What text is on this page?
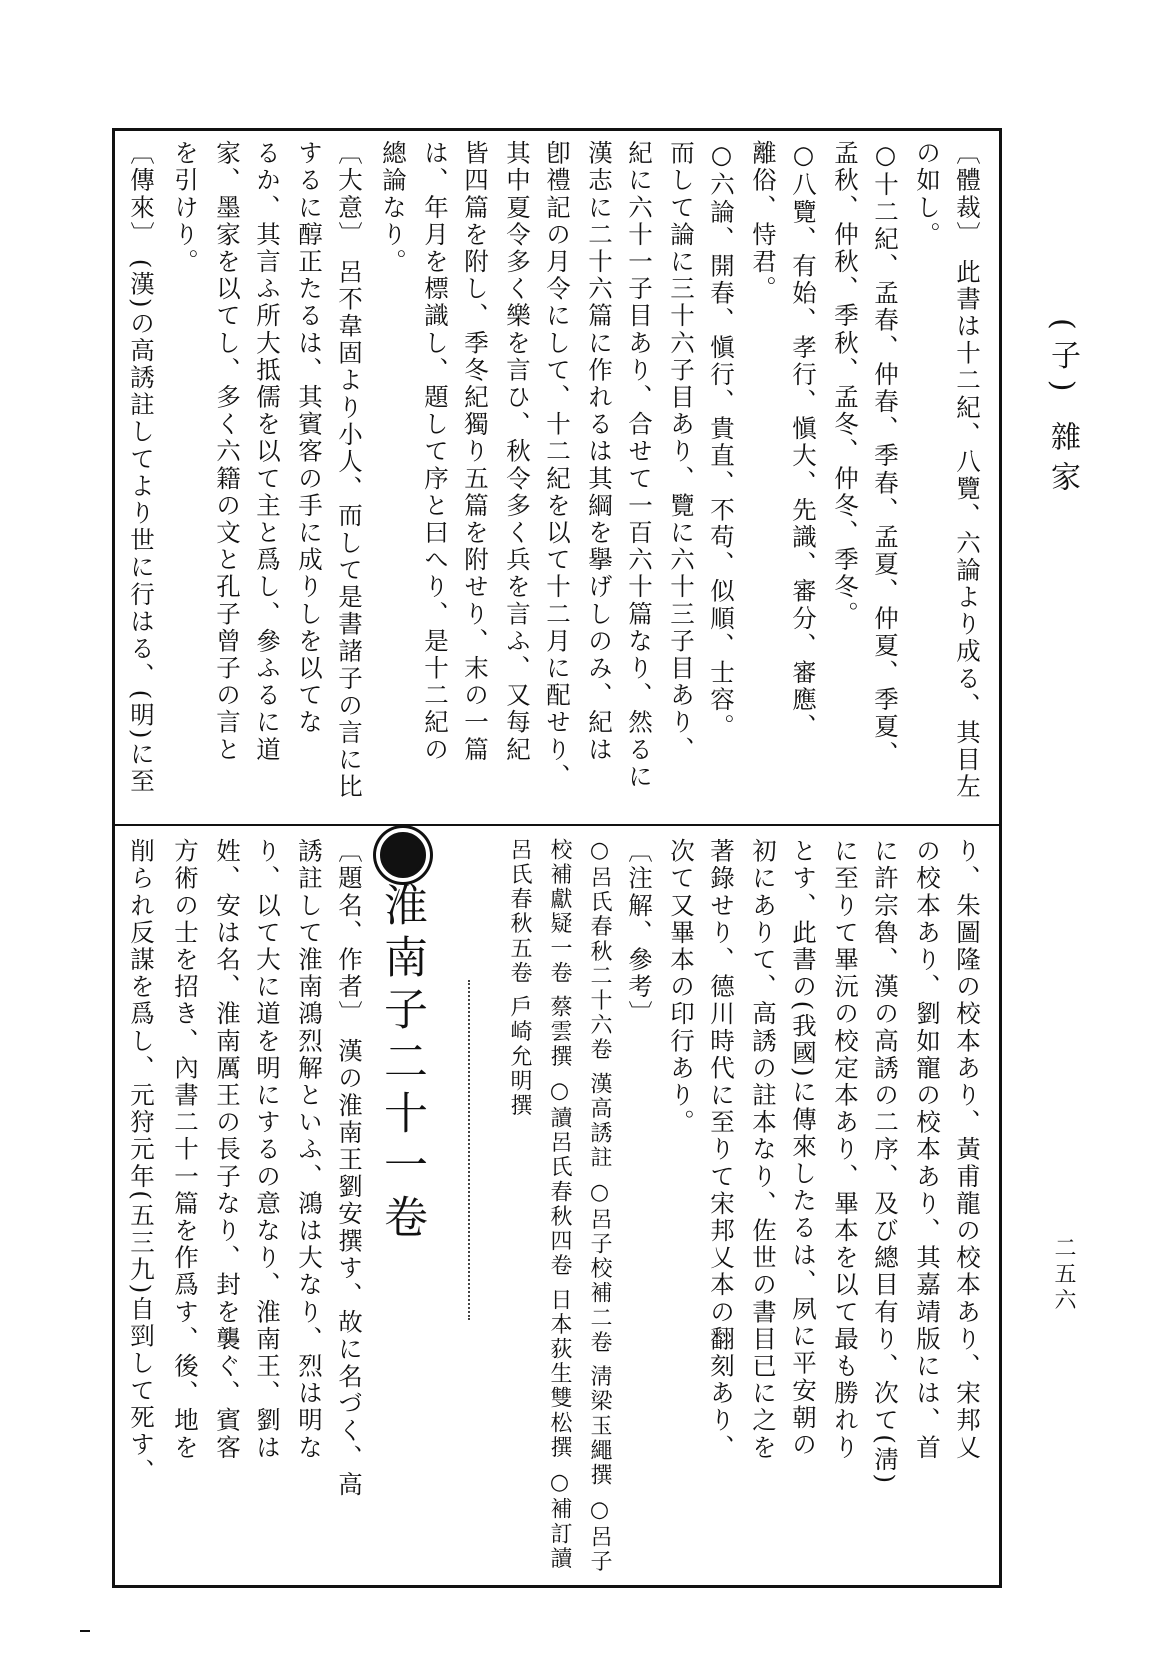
(子) 雜家
二五六
〔體裁〕 此書は十二紀、八覽、六論より成る、其目左
の如し。
○十二紀、孟春、仲春、季春、孟夏、仲夏、季夏、
孟秋、仲秋、季秋、孟冬、仲冬、季冬。
○八覽、有始、孝行、愼大、先識、審分、審應、
離俗、恃君。
○六論、開春、愼行、貴直、不苟、似順、士容。
而して論に三十六子目あり、覽に六十三子目あり、
紀に六十一子目あり、合せて一百六十篇なり、然るに
漢志に二十六篇に作れるは其綱を擧げしのみ、紀は
卽禮記の月令にして、十二紀を以て十二月に配せり、
其中夏令多く樂を言ひ、秋令多く兵を言ふ、又每紀
皆四篇を附し、季冬紀獨り五篇を附せり、末の一篇
は、年月を標識し、題して序と曰へり、是十二紀の
總論なり。
〔大意〕 呂不韋固より小人、而して是書諸子の言に比
するに醇正たるは、其賓客の手に成りしを以てな
るか、其言ふ所大抵儒を以て主と爲し、參ふるに道
家、墨家を以てし、多く六籍の文と孔子曾子の言と
を引けり。
〔傳來〕 (漢)の高誘註してより世に行はる、(明)に至
り、朱圖隆の校本あり、黃甫龍の校本あり、宋邦乂
の校本あり、劉如寵の校本あり、其嘉靖版には、首
に許宗魯、漢の高誘の二序、及び總目有り、次て(淸)
に至りて畢沅の校定本あり、畢本を以て最も勝れり
とす、此書の(我國)に傳來したるは、夙に平安朝の
初にありて、高誘の註本なり、佐世の書目已に之を
著錄せり、德川時代に至りて宋邦乂本の翻刻あり、
次て又畢本の印行あり。
〔注解、參考〕
○呂氏春秋二十六卷 漢高誘註 ○呂子校補二卷 淸梁玉繩撰 ○呂子
校補獻疑一卷 蔡雲撰 ○讀呂氏春秋四卷 日本荻生雙松撰 ○補訂讀
呂氏春秋五卷 戶崎允明撰
淮南子二十一卷
〔題名、作者〕 漢の淮南王劉安撰す、故に名づく、高
誘註して淮南鴻烈解といふ、鴻は大なり、烈は明な
り、以て大に道を明にするの意なり、淮南王、劉は
姓、安は名、淮南厲王の長子なり、封を襲ぐ、賓客
方術の士を招き、內書二十一篇を作爲す、後、地を
削られ反謀を爲し、元狩元年(五三九)自剄して死す、
